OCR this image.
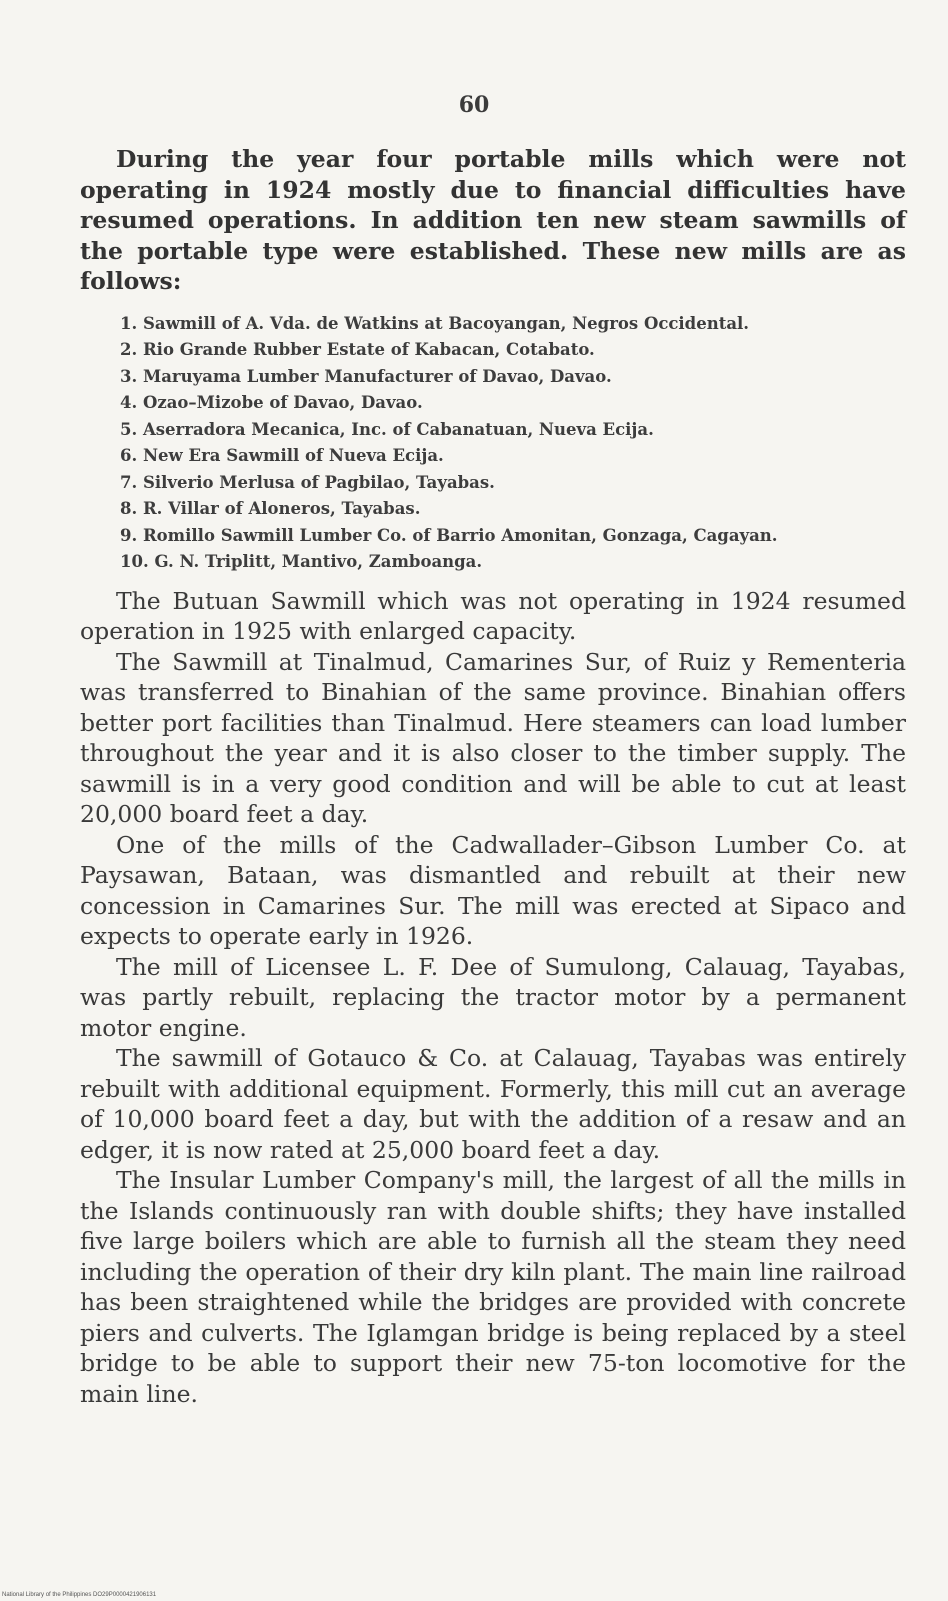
60

During the year four portable mills which were not operating in 1924 mostly due to financial difficulties have resumed operations. In addition ten new steam sawmills of the portable type were established. These new mills are as follows:

1. Sawmill of A. Vda. de Watkins at Bacoyangan, Negros Occidental.
2. Rio Grande Rubber Estate of Kabacan, Cotabato.
3. Maruyama Lumber Manufacturer of Davao, Davao.
4. Ozao–Mizobe of Davao, Davao.
5. Aserradora Mecanica, Inc. of Cabanatuan, Nueva Ecija.
6. New Era Sawmill of Nueva Ecija.
7. Silverio Merlusa of Pagbilao, Tayabas.
8. R. Villar of Aloneros, Tayabas.
9. Romillo Sawmill Lumber Co. of Barrio Amonitan, Gonzaga, Cagayan.
10. G. N. Triplitt, Mantivo, Zamboanga.

The Butuan Sawmill which was not operating in 1924 resumed operation in 1925 with enlarged capacity.

The Sawmill at Tinalmud, Camarines Sur, of Ruiz y Rementeria was transferred to Binahian of the same province. Binahian offers better port facilities than Tinalmud. Here steamers can load lumber throughout the year and it is also closer to the timber supply. The sawmill is in a very good condition and will be able to cut at least 20,000 board feet a day.

One of the mills of the Cadwallader–Gibson Lumber Co. at Paysawan, Bataan, was dismantled and rebuilt at their new concession in Camarines Sur. The mill was erected at Sipaco and expects to operate early in 1926.

The mill of Licensee L. F. Dee of Sumulong, Calauag, Tayabas, was partly rebuilt, replacing the tractor motor by a permanent motor engine.

The sawmill of Gotauco & Co. at Calauag, Tayabas was entirely rebuilt with additional equipment. Formerly, this mill cut an average of 10,000 board feet a day, but with the addition of a resaw and an edger, it is now rated at 25,000 board feet a day.

The Insular Lumber Company's mill, the largest of all the mills in the Islands continuously ran with double shifts; they have installed five large boilers which are able to furnish all the steam they need including the operation of their dry kiln plant. The main line railroad has been straightened while the bridges are provided with concrete piers and culverts. The Iglamgan bridge is being replaced by a steel bridge to be able to support their new 75-ton locomotive for the main line.

National Library of the Philippines DO29P0000421906131
